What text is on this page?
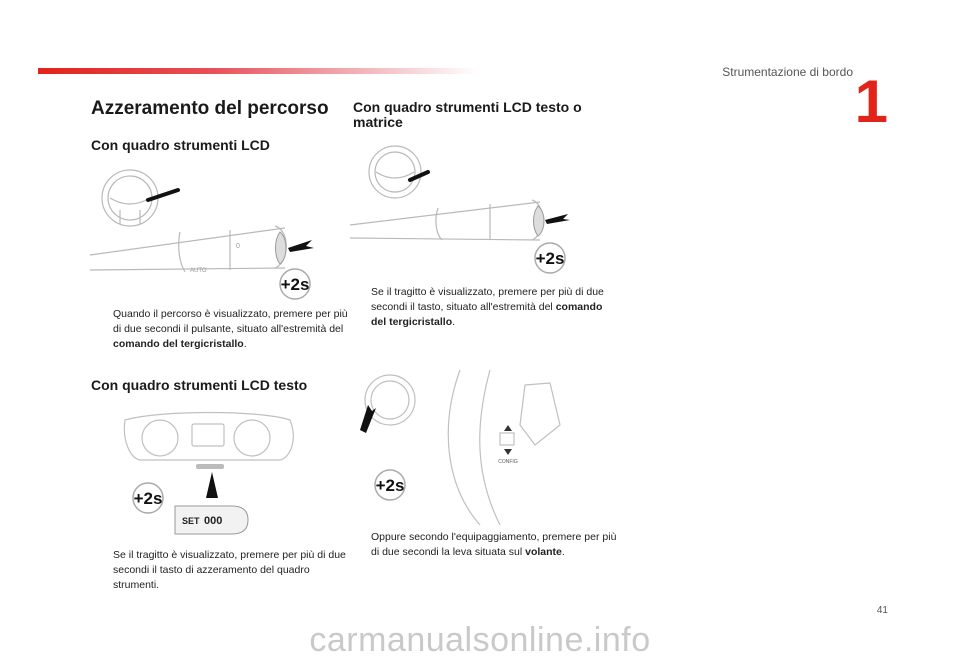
Strumentazione di bordo 1
41
Azzeramento del percorso
Con quadro strumenti LCD
AUTO
0
+2s
Quando il percorso è visualizzato, premere per più di due secondi il pulsante, situato all'estremità del comando del tergicristallo.
Con quadro strumenti LCD testo
+2s
SET 000
Se il tragitto è visualizzato, premere per più di due secondi il tasto di azzeramento del quadro strumenti.
Con quadro strumenti LCD testo o matrice
+2s
Se il tragitto è visualizzato, premere per più di due secondi il tasto, situato all'estremità del comando del tergicristallo.
CONFIG
+2s
Oppure secondo l'equipaggiamento, premere per più di due secondi la leva situata sul volante.
carmanualsonline.info
